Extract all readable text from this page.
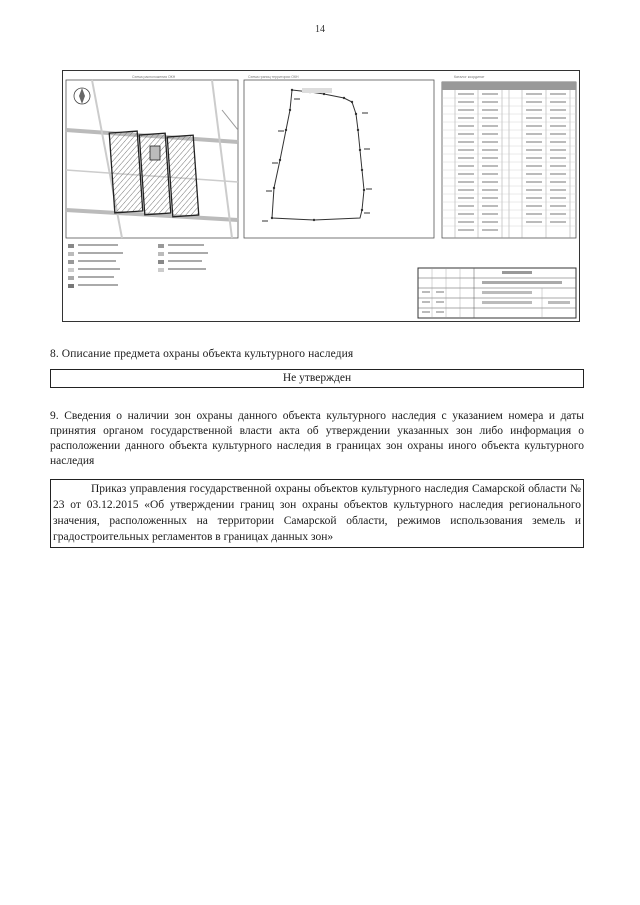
14
Схема расположения ОКН	Схема границ территории ОКН	Каталог координат
8. Описание предмета охраны объекта культурного наследия
Не утвержден
9. Сведения о наличии зон охраны данного объекта культурного наследия с указанием номера и даты принятия органом государственной власти акта об утверждении указанных зон либо информация о расположении данного объекта культурного наследия в границах зон охраны иного объекта культурного наследия
Приказ управления государственной охраны объектов культурного наследия Самарской области № 23 от 03.12.2015 «Об утверждении границ зон охраны объектов культурного наследия регионального значения, расположенных на территории Самарской области, режимов использования земель и градостроительных регламентов в границах данных зон»
